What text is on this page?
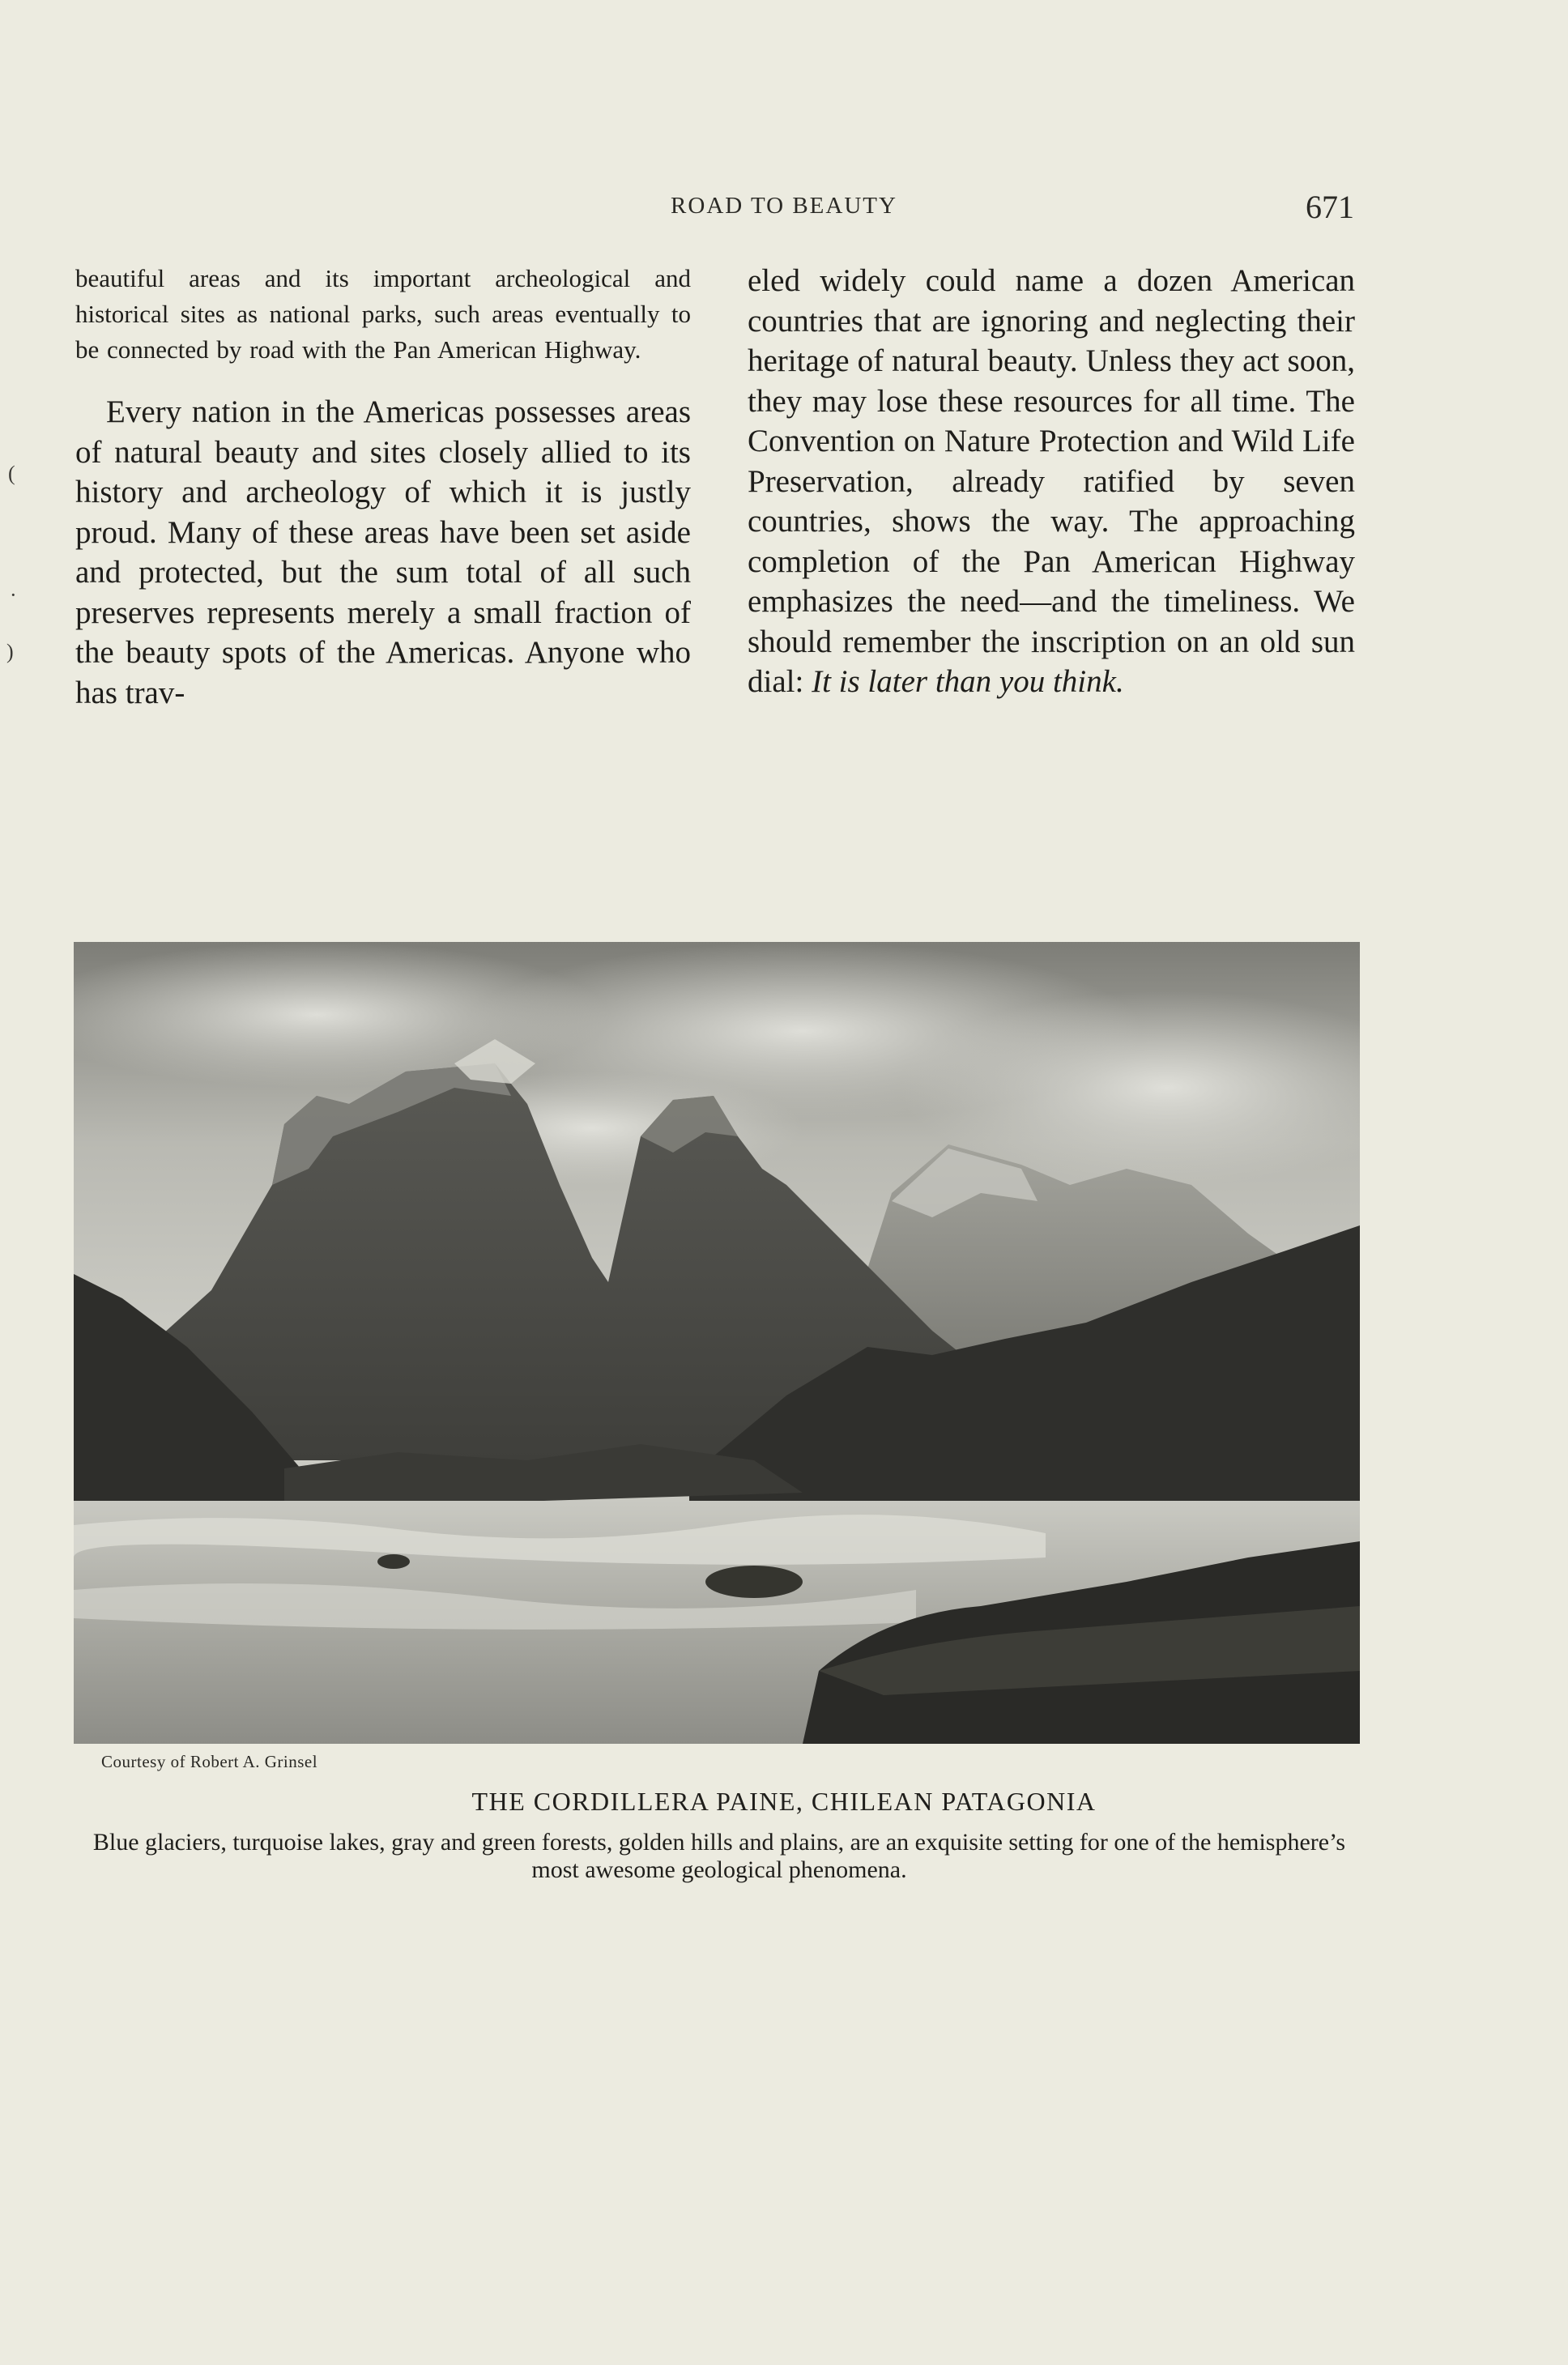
ROAD TO BEAUTY	671

beautiful areas and its important archeological and historical sites as national parks, such areas eventually to be connected by road with the Pan American Highway.

Every nation in the Americas possesses areas of natural beauty and sites closely allied to its history and archeology of which it is justly proud. Many of these areas have been set aside and protected, but the sum total of all such preserves represents merely a small fraction of the beauty spots of the Americas. Anyone who has trav-

eled widely could name a dozen American countries that are ignoring and neglecting their heritage of natural beauty. Unless they act soon, they may lose these resources for all time. The Convention on Nature Protection and Wild Life Preservation, already ratified by seven countries, shows the way. The approaching completion of the Pan American Highway emphasizes the need—and the timeliness. We should remember the inscription on an old sun dial: It is later than you think.

Courtesy of Robert A. Grinsel
THE CORDILLERA PAINE, CHILEAN PATAGONIA
Blue glaciers, turquoise lakes, gray and green forests, golden hills and plains, are an exquisite setting for one of the hemisphere’s most awesome geological phenomena.
(
·
)
